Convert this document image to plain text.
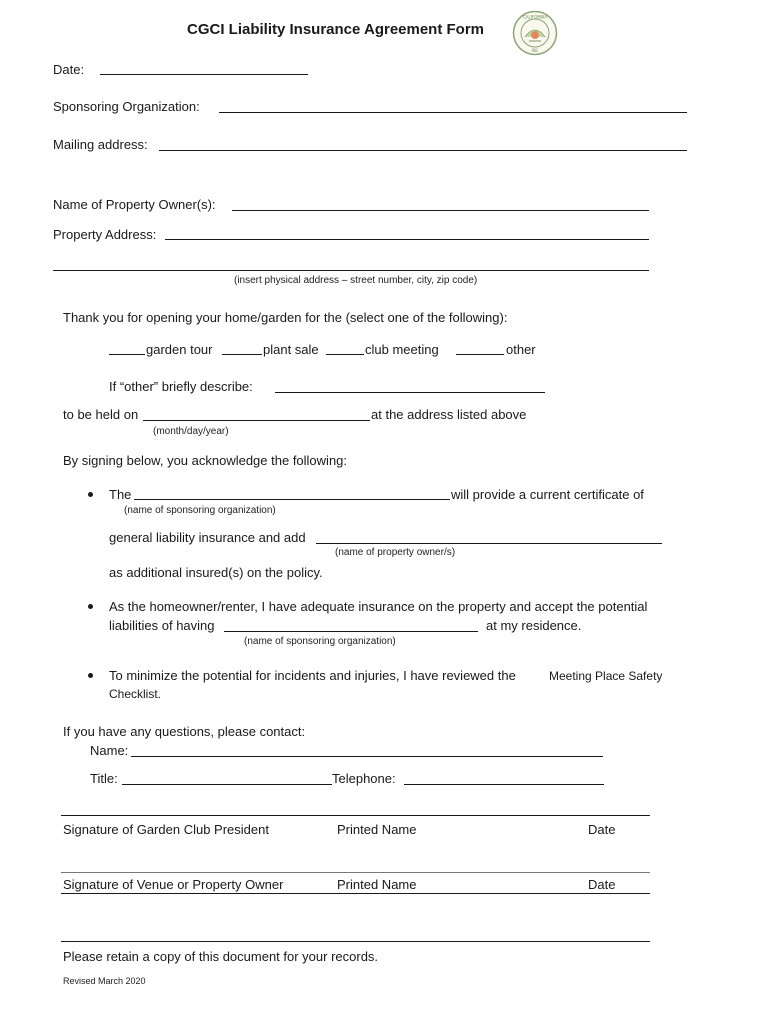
CGCI Liability Insurance Agreement Form
CALIFORNIA
INC
Date:
Sponsoring Organization:
Mailing address:
Name of Property Owner(s):
Property Address:
(insert physical address – street number, city, zip code)
Thank you for opening your home/garden for the (select one of the following):
garden tour	plant sale	club meeting	other
If “other” briefly describe:
to be held on	at the address listed above
(month/day/year)
By signing below, you acknowledge the following:
The	will provide a current certificate of
(name of sponsoring organization)
general liability insurance and add
(name of property owner/s)
as additional insured(s) on the policy.
As the homeowner/renter, I have adequate insurance on the property and accept the potential
liabilities of having	at my residence.
(name of sponsoring organization)
To minimize the potential for incidents and injuries, I have reviewed the	Meeting Place Safety
Checklist.
If you have any questions, please contact:
Name:
Title:	Telephone:
Signature of Garden Club President	Printed Name	Date
Signature of Venue or Property Owner	Printed Name	Date
Please retain a copy of this document for your records.
Revised March 2020
